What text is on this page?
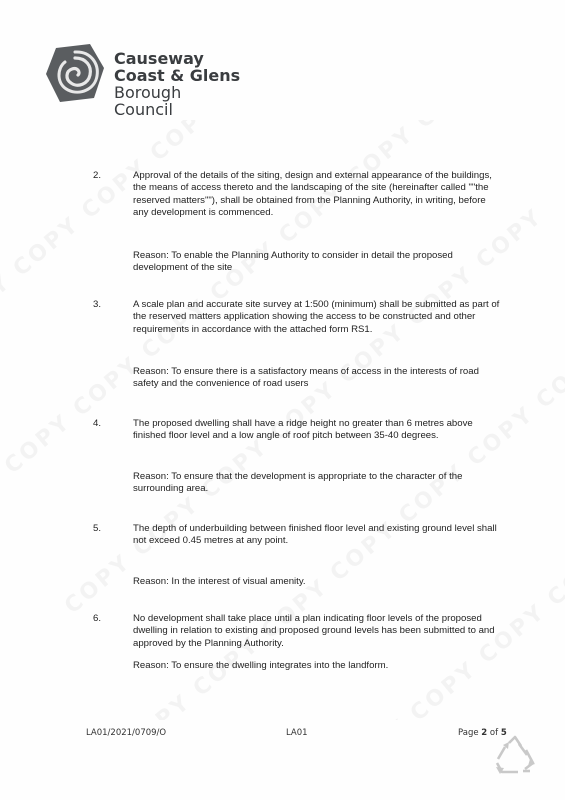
Causeway
Coast & Glens
Borough Council
2.	Approval of the details of the siting, design and external appearance of the buildings, the means of access thereto and the landscaping of the site (hereinafter called ""the reserved matters""), shall be obtained from the Planning Authority, in writing, before any development is commenced.
Reason: To enable the Planning Authority to consider in detail the proposed development of the site
3.	A scale plan and accurate site survey at 1:500 (minimum) shall be submitted as part of the reserved matters application showing the access to be constructed and other requirements in accordance with the attached form RS1.
Reason: To ensure there is a satisfactory means of access in the interests of road safety and the convenience of road users
4.	The proposed dwelling shall have a ridge height no greater than 6 metres above finished floor level and a low angle of roof pitch between 35-40 degrees.
Reason: To ensure that the development is appropriate to the character of the surrounding area.
5.	The depth of underbuilding between finished floor level and existing ground level shall not exceed 0.45 metres at any point.
Reason: In the interest of visual amenity.
6.	No development shall take place until a plan indicating floor levels of the proposed dwelling in relation to existing and proposed ground levels has been submitted to and approved by the Planning Authority.
Reason: To ensure the dwelling integrates into the landform.
LA01/2021/0709/O	LA01	Page 2 of 5
